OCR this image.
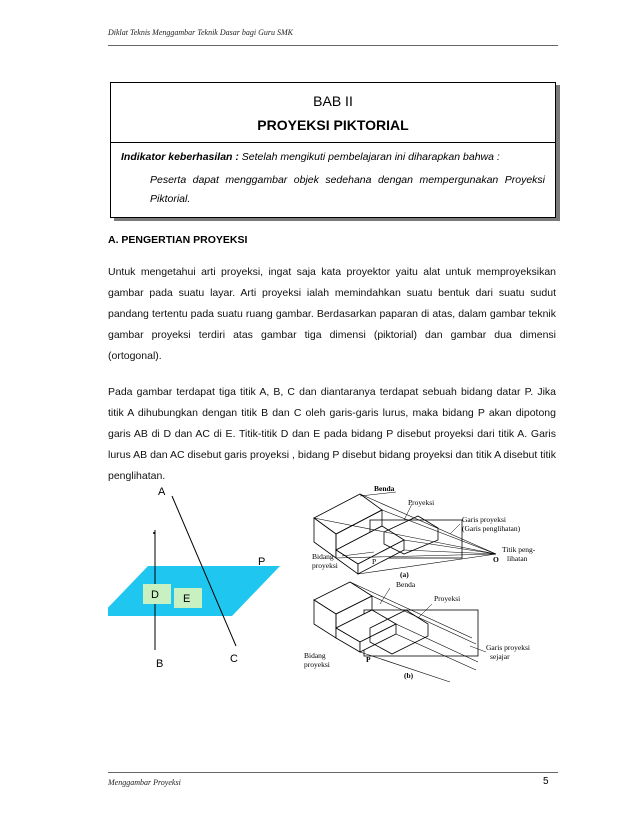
Diklat Teknis Menggambar Teknik Dasar bagi Guru SMK
BAB II
PROYEKSI PIKTORIAL
Indikator keberhasilan : Setelah mengikuti pembelajaran ini diharapkan bahwa :
Peserta dapat menggambar objek sedehana dengan mempergunakan Proyeksi Piktorial.
A. PENGERTIAN PROYEKSI
Untuk mengetahui arti proyeksi, ingat saja kata proyektor yaitu alat untuk memproyeksikan gambar pada suatu layar. Arti proyeksi ialah memindahkan suatu bentuk dari suatu sudut pandang tertentu pada suatu ruang gambar. Berdasarkan paparan di atas, dalam gambar teknik gambar proyeksi terdiri atas gambar tiga dimensi (piktorial) dan gambar dua dimensi (ortogonal).
Pada gambar terdapat tiga titik A, B, C dan diantaranya terdapat sebuah bidang datar P. Jika titik A dihubungkan dengan titik B dan C oleh garis-garis lurus, maka bidang P akan dipotong garis AB di D dan AC di E. Titik-titik D dan E pada bidang P disebut proyeksi dari titik A. Garis lurus AB dan AC disebut garis proyeksi , bidang P disebut bidang proyeksi dan titik A disebut titik penglihatan.
A
P
D E
B	C
Benda
Proyeksi
Garis proyeksi
(Garis penglihatan)
Bidang
proyeksi	P	O
Titik peng-
lihatan
(a)
Benda
Proyeksi
Garis proyeksi
sejajar
Bidang
proyeksi
P
(b)
Menggambar Proyeksi	5
